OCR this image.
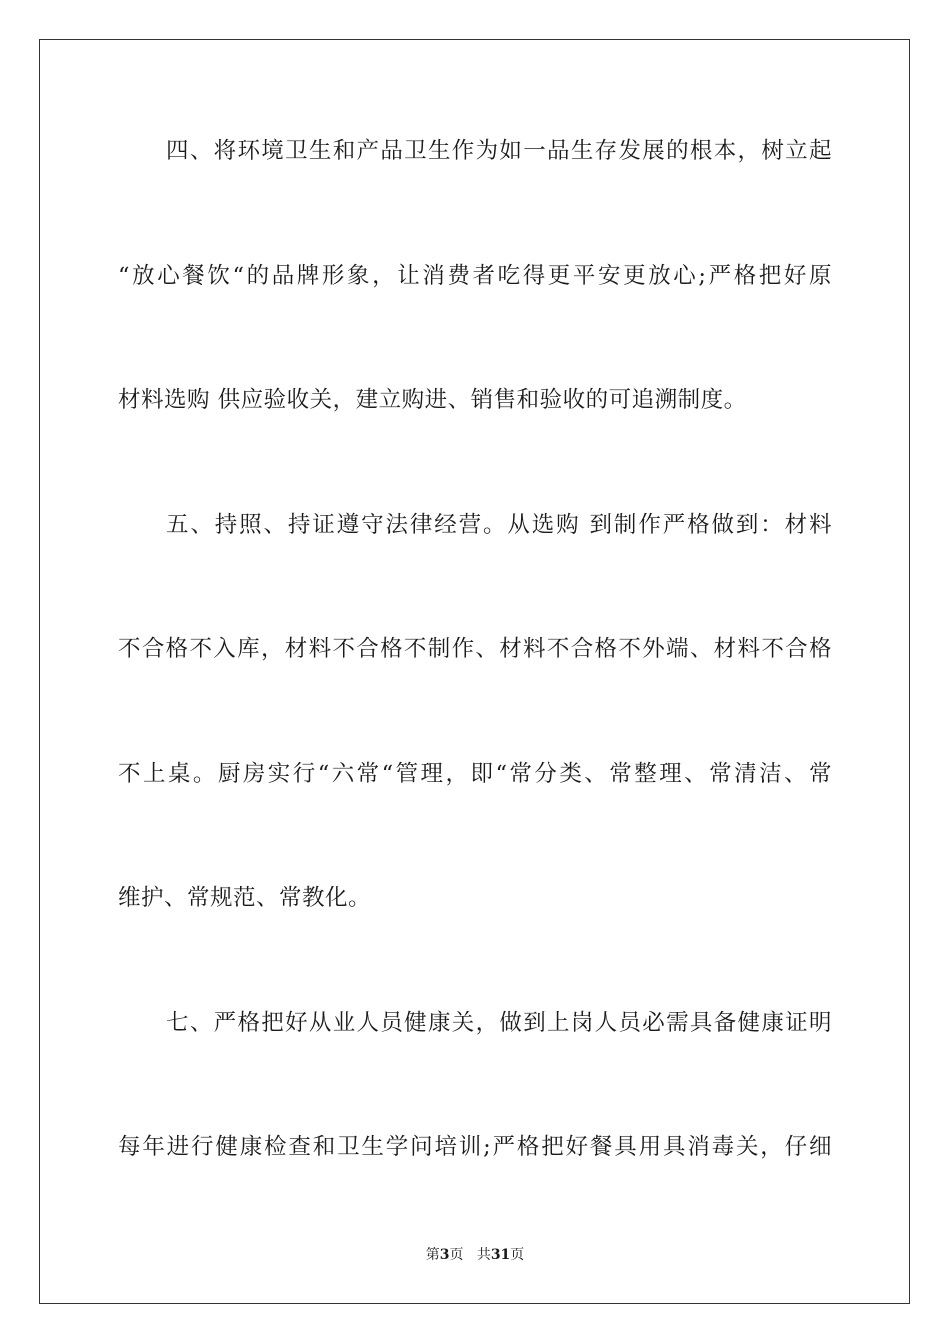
四、将环境卫生和产品卫生作为如一品生存发展的根本，树立起
“放心餐饮“的品牌形象，让消费者吃得更平安更放心;严格把好原
材料选购 供应验收关，建立购进、销售和验收的可追溯制度。
五、持照、持证遵守法律经营。从选购 到制作严格做到：材料
不合格不入库，材料不合格不制作、材料不合格不外端、材料不合格
不上桌。厨房实行“六常“管理，即“常分类、常整理、常清洁、常
维护、常规范、常教化。
七、严格把好从业人员健康关，做到上岗人员必需具备健康证明
每年进行健康检查和卫生学问培训;严格把好餐具用具消毒关，仔细
第3页 共31页
